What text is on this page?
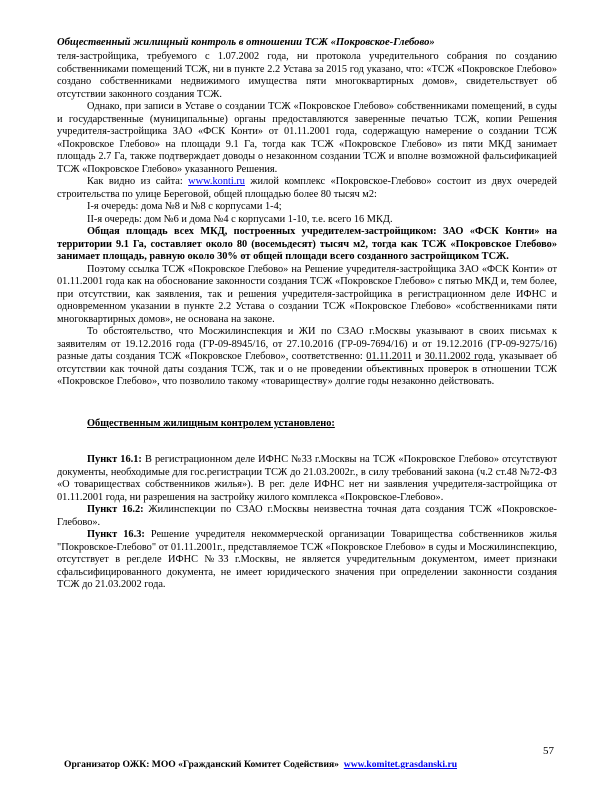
Общественный жилищный контроль в отношении ТСЖ «Покровское-Глебово»

теля-застройщика, требуемого с 1.07.2002 года, ни протокола учредительного собрания по созданию собственниками помещений ТСЖ, ни в пункте 2.2 Устава за 2015 год указано, что: «ТСЖ «Покровское Глебово» создано собственниками недвижимого имущества пяти многоквартирных домов», свидетельствует об отсутствии законного создания ТСЖ.

Однако, при записи в Уставе о создании ТСЖ «Покровское Глебово» собственниками помещений, в суды и государственные (муниципальные) органы предоставляются заверенные печатью ТСЖ, копии Решения учредителя-застройщика ЗАО «ФСК Конти» от 01.11.2001 года, содержащую намерение о создании ТСЖ «Покровское Глебово» на площади 9.1 Га, тогда как ТСЖ «Покровское Глебово» из пяти МКД занимает площадь 2.7 Га, также подтверждает доводы о незаконном создании ТСЖ и вполне возможной фальсификацией ТСЖ «Покровское Глебово» указанного Решения.

Как видно из сайта: www.konti.ru жилой комплекс «Покровское-Глебово» состоит из двух очередей строительства по улице Береговой, общей площадью более 80 тысяч м2:

I-я очередь: дома №8 и №8 с корпусами 1-4;

II-я очередь: дом №6 и дома №4 с корпусами 1-10, т.е. всего 16 МКД.

Общая площадь всех МКД, построенных учредителем-застройщиком: ЗАО «ФСК Конти» на территории 9.1 Га, составляет около 80 (восемьдесят) тысяч м2, тогда как ТСЖ «Покровское Глебово» занимает площадь, равную около 30% от общей площади всего созданного застройщиком ТСЖ.

Поэтому ссылка ТСЖ «Покровское Глебово» на Решение учредителя-застройщика ЗАО «ФСК Конти» от 01.11.2001 года как на обоснование законности создания ТСЖ «Покровское Глебово» с пятью МКД и, тем более, при отсутствии, как заявления, так и решения учредителя-застройщика в регистрационном деле ИФНС и одновременном указании в пункте 2.2 Устава о создании ТСЖ «Покровское Глебово» «собственниками пяти многоквартирных домов», не основана на законе.

То обстоятельство, что Мосжилинспекция и ЖИ по СЗАО г.Москвы указывают в своих письмах к заявителям от 19.12.2016 года (ГР-09-8945/16, от 27.10.2016 (ГР-09-7694/16) и от 19.12.2016 (ГР-09-9275/16) разные даты создания ТСЖ «Покровское Глебово», соответственно: 01.11.2011 и 30.11.2002 года, указывает об отсутствии как точной даты создания ТСЖ, так и о не проведении объективных проверок в отношении ТСЖ «Покровское Глебово», что позволило такому «товариществу» долгие годы незаконно действовать.

Общественным жилищным контролем установлено:

Пункт 16.1: В регистрационном деле ИФНС №33 г.Москвы на ТСЖ «Покровское Глебово» отсутствуют документы, необходимые для гос.регистрации ТСЖ до 21.03.2002г., в силу требований закона (ч.2 ст.48 №72-ФЗ «О товариществах собственников жилья»). В рег. деле ИФНС нет ни заявления учредителя-застройщика от 01.11.2001 года, ни разрешения на застройку жилого комплекса «Покровское-Глебово».

Пункт 16.2: Жилинспекции по СЗАО г.Москвы неизвестна точная дата создания ТСЖ «Покровское-Глебово».

Пункт 16.3: Решение учредителя некоммерческой организации Товарищества собственников жилья "Покровское-Глебово" от 01.11.2001г., представляемое ТСЖ «Покровское Глебово» в суды и Мосжилинспекцию, отсутствует в рег.деле ИФНС №33 г.Москвы, не является учредительным документом, имеет признаки сфальсифицированного документа, не имеет юридического значения при определении законности создания ТСЖ до 21.03.2002 года.

57
Организатор ОЖК: МОО «Гражданский Комитет Содействия» www.komitet.grasdanski.ru
